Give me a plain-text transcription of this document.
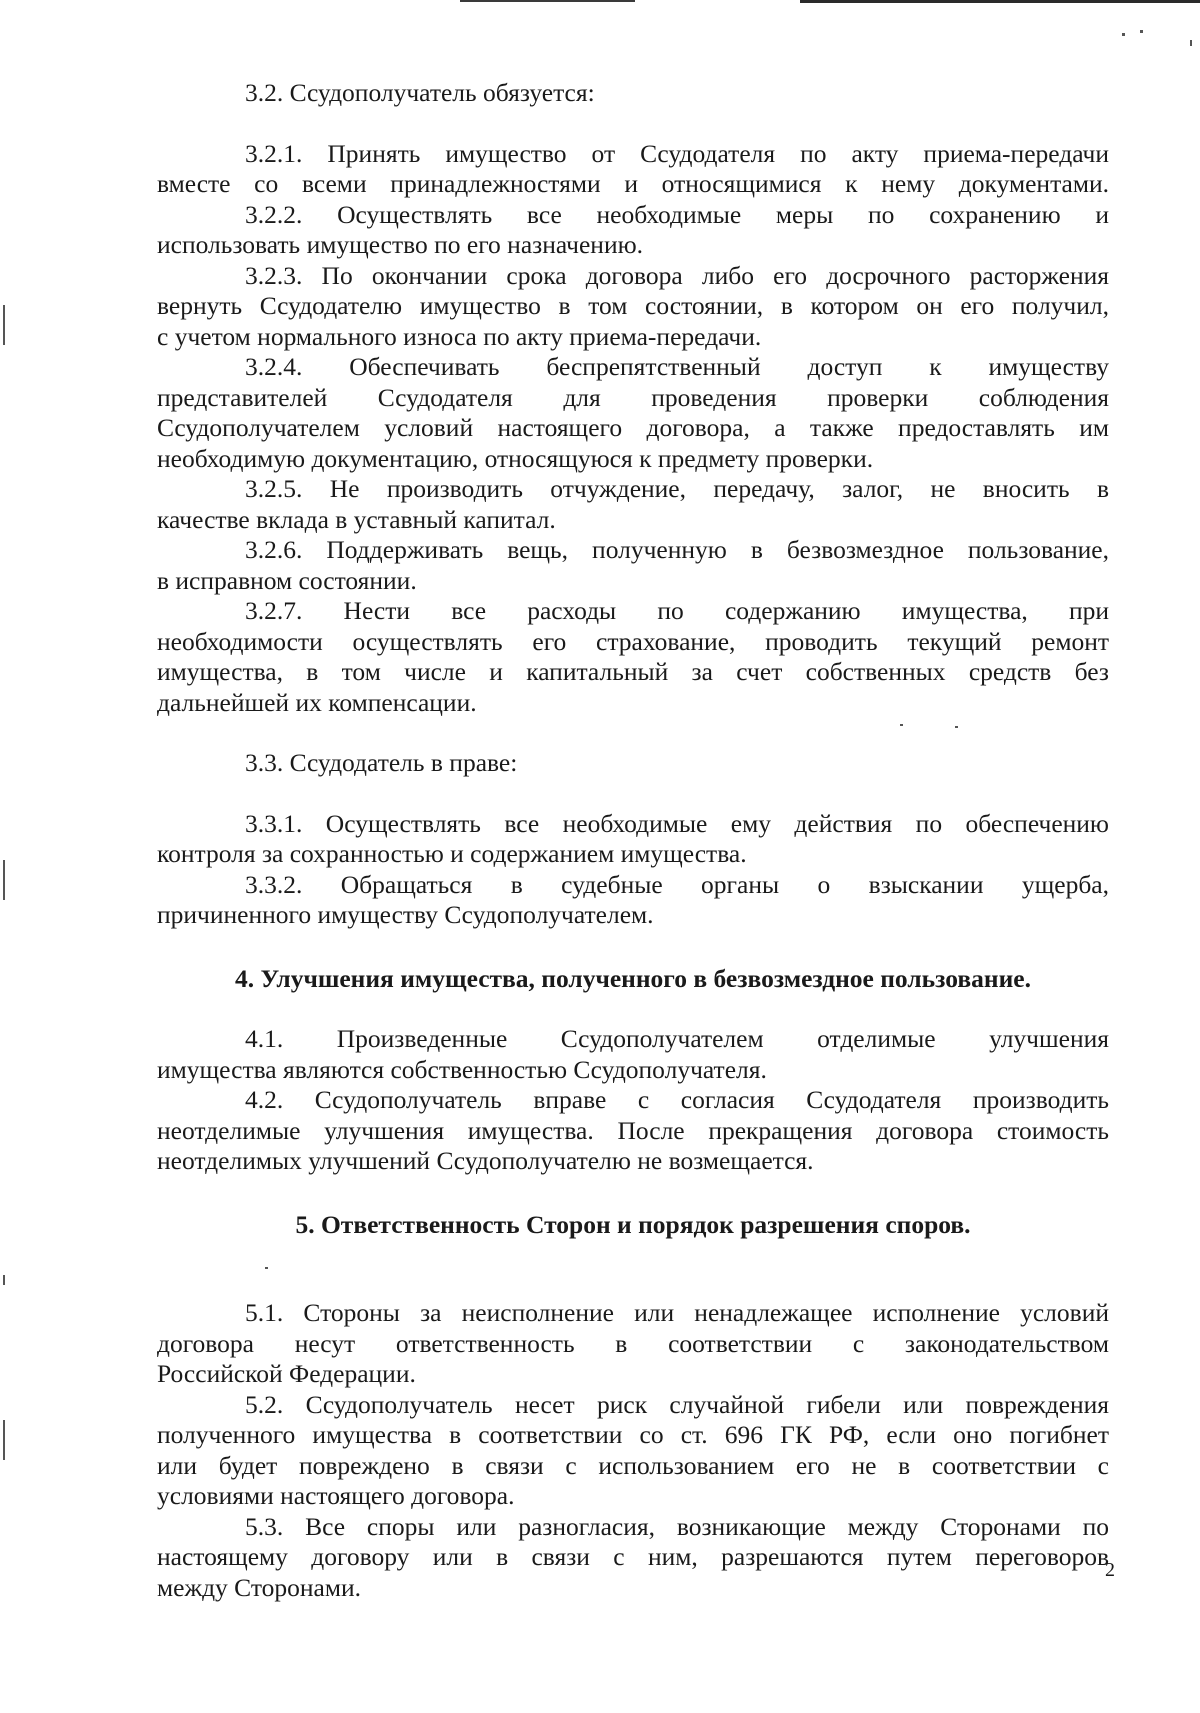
3.2. Ссудополучатель обязуется:
3.2.1. Принять имущество от Ссудодателя по акту приема-передачи
вместе со всеми принадлежностями и относящимися к нему документами.
3.2.2. Осуществлять все необходимые меры по сохранению и
использовать имущество по его назначению.
3.2.3. По окончании срока договора либо его досрочного расторжения
вернуть Ссудодателю имущество в том состоянии, в котором он его получил,
с учетом нормального износа по акту приема-передачи.
3.2.4. Обеспечивать беспрепятственный доступ к имуществу
представителей Ссудодателя для проведения проверки соблюдения
Ссудополучателем условий настоящего договора, а также предоставлять им
необходимую документацию, относящуюся к предмету проверки.
3.2.5. Не производить отчуждение, передачу, залог, не вносить в
качестве вклада в уставный капитал.
3.2.6. Поддерживать вещь, полученную в безвозмездное пользование,
в исправном состоянии.
3.2.7. Нести все расходы по содержанию имущества, при
необходимости осуществлять его страхование, проводить текущий ремонт
имущества, в том числе и капитальный за счет собственных средств без
дальнейшей их компенсации.
3.3. Ссудодатель в праве:
3.3.1. Осуществлять все необходимые ему действия по обеспечению
контроля за сохранностью и содержанием имущества.
3.3.2. Обращаться в судебные органы о взыскании ущерба,
причиненного имуществу Ссудополучателем.
4. Улучшения имущества, полученного в безвозмездное пользование.
4.1. Произведенные Ссудополучателем отделимые улучшения
имущества являются собственностью Ссудополучателя.
4.2. Ссудополучатель вправе с согласия Ссудодателя производить
неотделимые улучшения имущества. После прекращения договора стоимость
неотделимых улучшений Ссудополучателю не возмещается.
5. Ответственность Сторон и порядок разрешения споров.
5.1. Стороны за неисполнение или ненадлежащее исполнение условий
договора несут ответственность в соответствии с законодательством
Российской Федерации.
5.2. Ссудополучатель несет риск случайной гибели или повреждения
полученного имущества в соответствии со ст. 696 ГК РФ, если оно погибнет
или будет повреждено в связи с использованием его не в соответствии с
условиями настоящего договора.
5.3. Все споры или разногласия, возникающие между Сторонами по
настоящему договору или в связи с ним, разрешаются путем переговоров
между Сторонами.
2
